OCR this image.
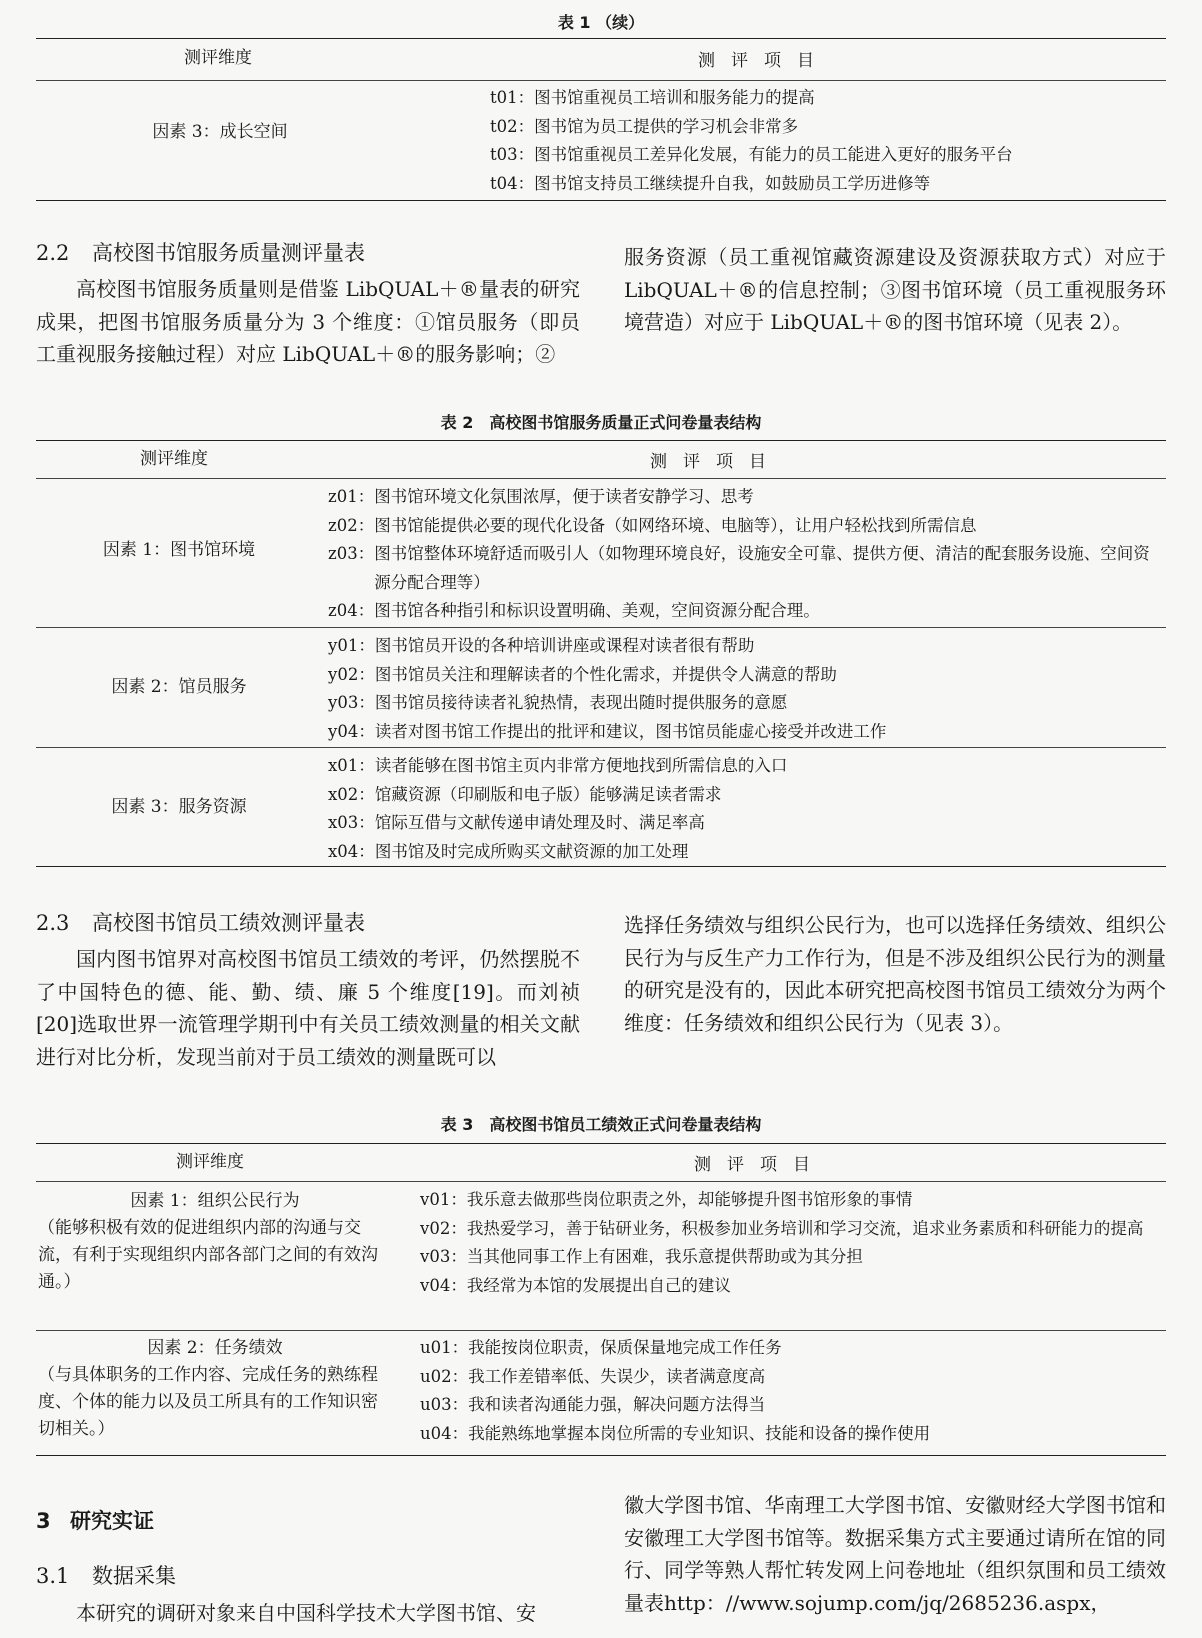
表 1 （续）
测评维度	测评项目
因素 3：成长空间
t01： 图书馆重视员工培训和服务能力的提高
t02： 图书馆为员工提供的学习机会非常多
t03： 图书馆重视员工差异化发展，有能力的员工能进入更好的服务平台
t04： 图书馆支持员工继续提升自我，如鼓励员工学历进修等
2.2 高校图书馆服务质量测评量表

高校图书馆服务质量则是借鉴 LibQUAL＋®量表的研究成果，把图书馆服务质量分为 3 个维度：①馆员服务（即员工重视服务接触过程）对应 LibQUAL＋®的服务影响；②

服务资源（员工重视馆藏资源建设及资源获取方式）对应于 LibQUAL＋®的信息控制；③图书馆环境（员工重视服务环境营造）对应于 LibQUAL＋®的图书馆环境（见表 2）。

表 2　高校图书馆服务质量正式问卷量表结构
测评维度	测评项目
因素 1：图书馆环境
z01： 图书馆环境文化氛围浓厚，便于读者安静学习、思考
z02： 图书馆能提供必要的现代化设备（如网络环境、电脑等），让用户轻松找到所需信息
z03： 图书馆整体环境舒适而吸引人（如物理环境良好，设施安全可靠、提供方便、清洁的配套服务设施、空间资源分配合理等）
z04： 图书馆各种指引和标识设置明确、美观，空间资源分配合理。
因素 2：馆员服务
y01： 图书馆员开设的各种培训讲座或课程对读者很有帮助
y02： 图书馆员关注和理解读者的个性化需求，并提供令人满意的帮助
y03： 图书馆员接待读者礼貌热情，表现出随时提供服务的意愿
y04： 读者对图书馆工作提出的批评和建议，图书馆员能虚心接受并改进工作
因素 3：服务资源
x01： 读者能够在图书馆主页内非常方便地找到所需信息的入口
x02： 馆藏资源（印刷版和电子版）能够满足读者需求
x03： 馆际互借与文献传递申请处理及时、满足率高
x04： 图书馆及时完成所购买文献资源的加工处理
2.3 高校图书馆员工绩效测评量表

国内图书馆界对高校图书馆员工绩效的考评，仍然摆脱不了中国特色的德、能、勤、绩、廉 5 个维度[19]。而刘祯[20]选取世界一流管理学期刊中有关员工绩效测量的相关文献进行对比分析，发现当前对于员工绩效的测量既可以

选择任务绩效与组织公民行为，也可以选择任务绩效、组织公民行为与反生产力工作行为，但是不涉及组织公民行为的测量的研究是没有的，因此本研究把高校图书馆员工绩效分为两个维度：任务绩效和组织公民行为（见表 3）。

表 3　高校图书馆员工绩效正式问卷量表结构
测评维度	测评项目
因素 1：组织公民行为
（能够积极有效的促进组织内部的沟通与交流，有利于实现组织内部各部门之间的有效沟通。）
v01： 我乐意去做那些岗位职责之外，却能够提升图书馆形象的事情
v02： 我热爱学习，善于钻研业务，积极参加业务培训和学习交流，追求业务素质和科研能力的提高
v03： 当其他同事工作上有困难，我乐意提供帮助或为其分担
v04： 我经常为本馆的发展提出自己的建议
因素 2：任务绩效
（与具体职务的工作内容、完成任务的熟练程度、个体的能力以及员工所具有的工作知识密切相关。）
u01： 我能按岗位职责，保质保量地完成工作任务
u02： 我工作差错率低、失误少，读者满意度高
u03： 我和读者沟通能力强，解决问题方法得当
u04： 我能熟练地掌握本岗位所需的专业知识、技能和设备的操作使用
3 研究实证
3.1 数据采集

本研究的调研对象来自中国科学技术大学图书馆、安

徽大学图书馆、华南理工大学图书馆、安徽财经大学图书馆和安徽理工大学图书馆等。数据采集方式主要通过请所在馆的同行、同学等熟人帮忙转发网上问卷地址（组织氛围和员工绩效量表http：//www.sojump.com/jq/2685236.aspx，
